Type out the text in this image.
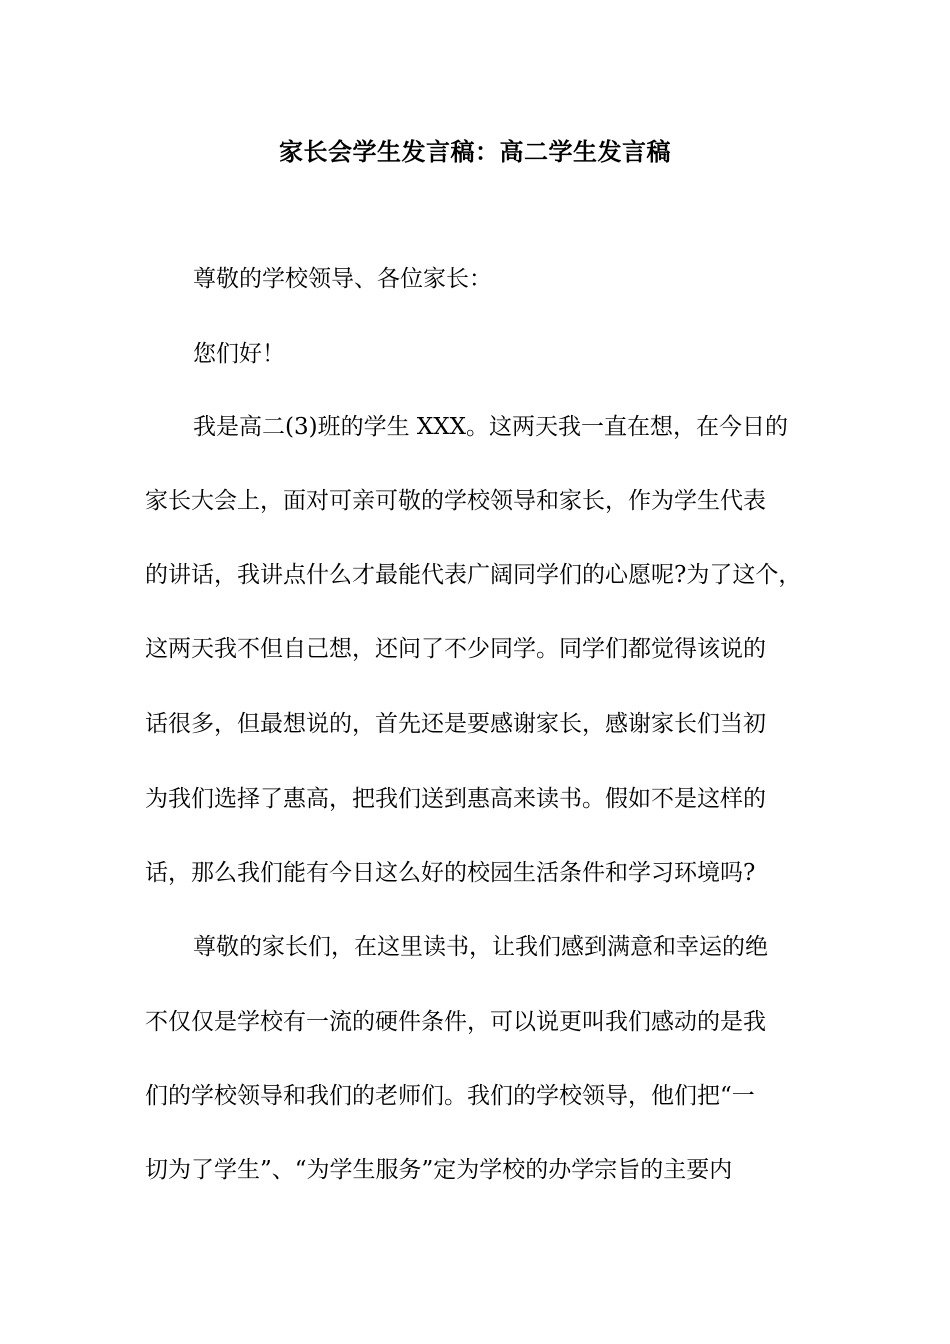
家长会学生发言稿：高二学生发言稿
尊敬的学校领导、各位家长：
您们好！
我是高二(3)班的学生 XXX。这两天我一直在想，在今日的
家长大会上，面对可亲可敬的学校领导和家长，作为学生代表
的讲话，我讲点什么才最能代表广阔同学们的心愿呢?为了这个，
这两天我不但自己想，还问了不少同学。同学们都觉得该说的
话很多，但最想说的，首先还是要感谢家长，感谢家长们当初
为我们选择了惠高，把我们送到惠高来读书。假如不是这样的
话，那么我们能有今日这么好的校园生活条件和学习环境吗?
尊敬的家长们，在这里读书，让我们感到满意和幸运的绝
不仅仅是学校有一流的硬件条件，可以说更叫我们感动的是我
们的学校领导和我们的老师们。我们的学校领导，他们把“一
切为了学生”、“为学生服务”定为学校的办学宗旨的主要内
